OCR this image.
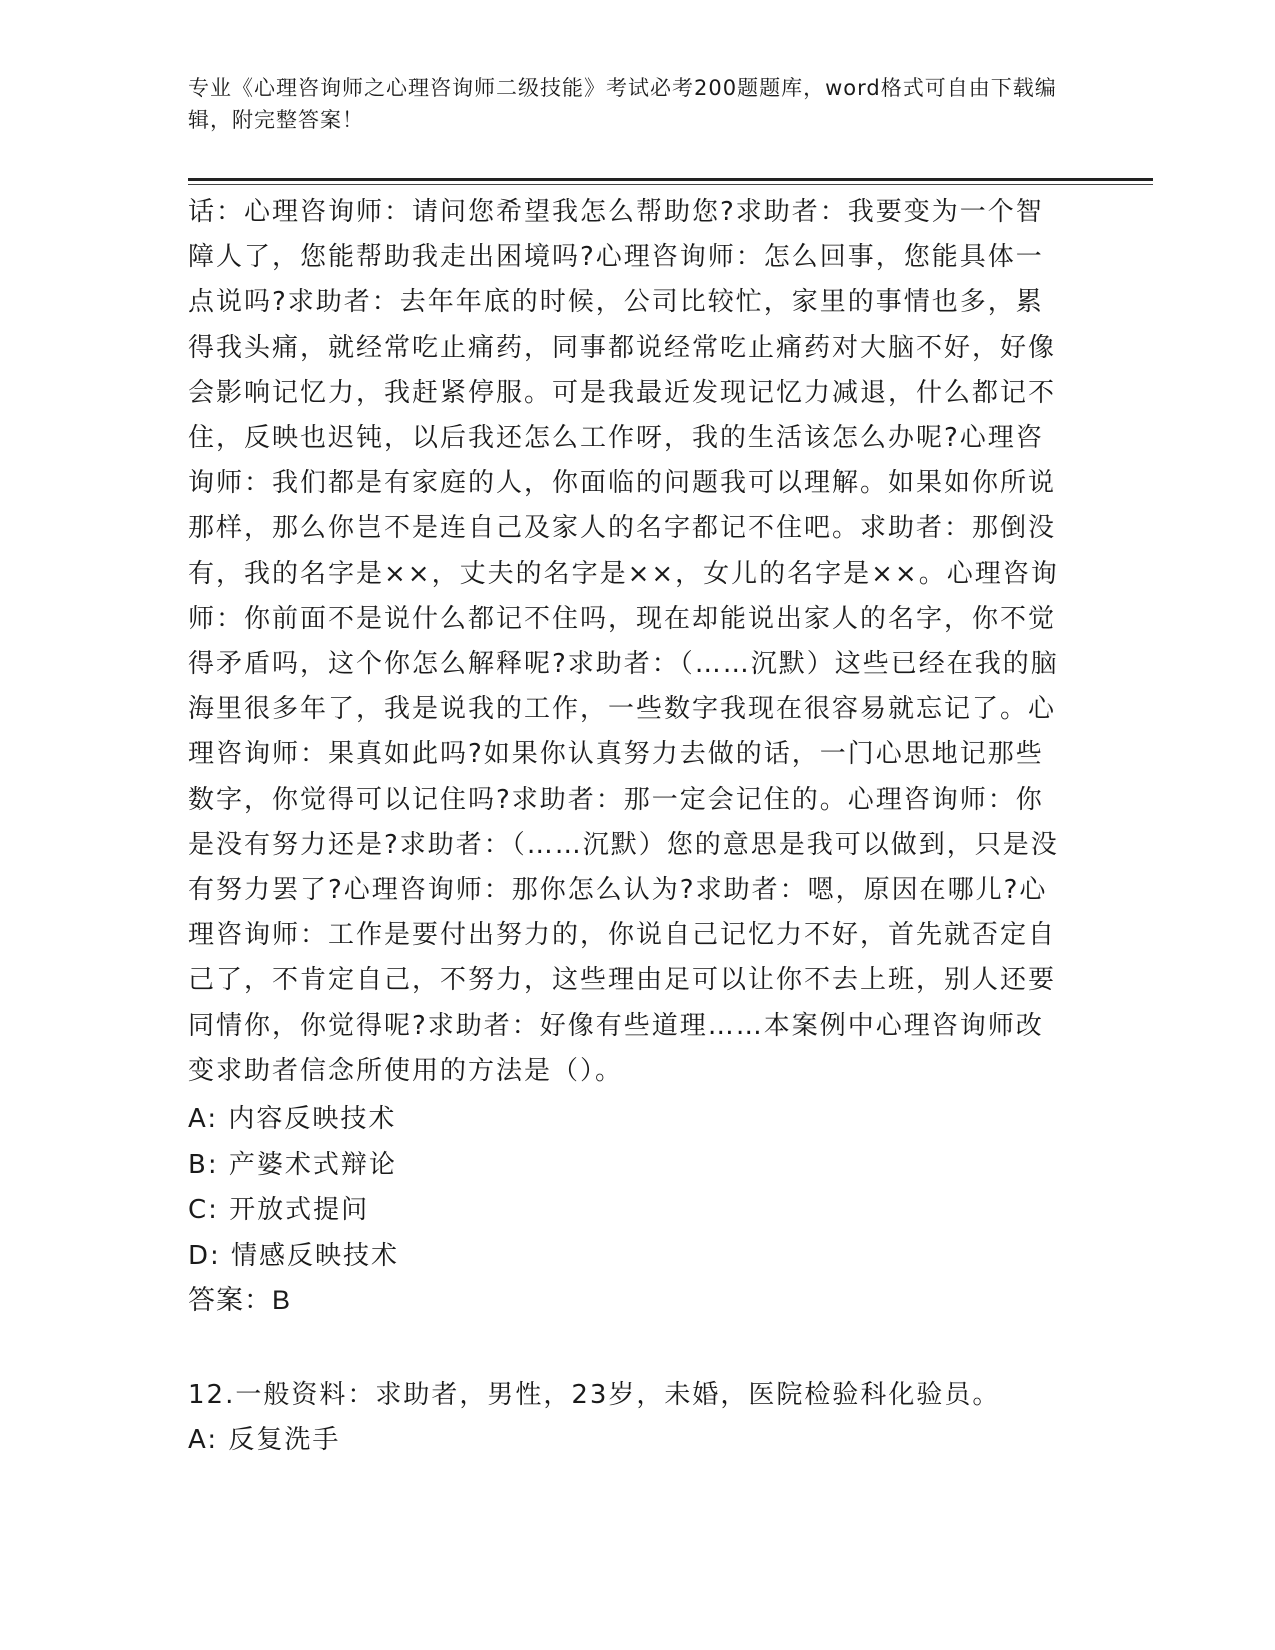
专业《心理咨询师之心理咨询师二级技能》考试必考200题题库，word格式可自由下载编辑，附完整答案！

话：心理咨询师：请问您希望我怎么帮助您?求助者：我要变为一个智障人了，您能帮助我走出困境吗?心理咨询师：怎么回事，您能具体一点说吗?求助者：去年年底的时候，公司比较忙，家里的事情也多，累得我头痛，就经常吃止痛药，同事都说经常吃止痛药对大脑不好，好像会影响记忆力，我赶紧停服。可是我最近发现记忆力减退，什么都记不住，反映也迟钝，以后我还怎么工作呀，我的生活该怎么办呢?心理咨询师：我们都是有家庭的人，你面临的问题我可以理解。如果如你所说那样，那么你岂不是连自己及家人的名字都记不住吧。求助者：那倒没有，我的名字是××，丈夫的名字是××，女儿的名字是××。心理咨询师：你前面不是说什么都记不住吗，现在却能说出家人的名字，你不觉得矛盾吗，这个你怎么解释呢?求助者：（……沉默）这些已经在我的脑海里很多年了，我是说我的工作，一些数字我现在很容易就忘记了。心理咨询师：果真如此吗?如果你认真努力去做的话，一门心思地记那些数字，你觉得可以记住吗?求助者：那一定会记住的。心理咨询师：你是没有努力还是?求助者：（……沉默）您的意思是我可以做到，只是没有努力罢了?心理咨询师：那你怎么认为?求助者：嗯，原因在哪儿?心理咨询师：工作是要付出努力的，你说自己记忆力不好，首先就否定自己了，不肯定自己，不努力，这些理由足可以让你不去上班，别人还要同情你，你觉得呢?求助者：好像有些道理……本案例中心理咨询师改变求助者信念所使用的方法是（）。

A: 内容反映技术
B: 产婆术式辩论
C: 开放式提问
D: 情感反映技术
答案：B
12.一般资料：求助者，男性，23岁，未婚，医院检验科化验员。
A: 反复洗手
